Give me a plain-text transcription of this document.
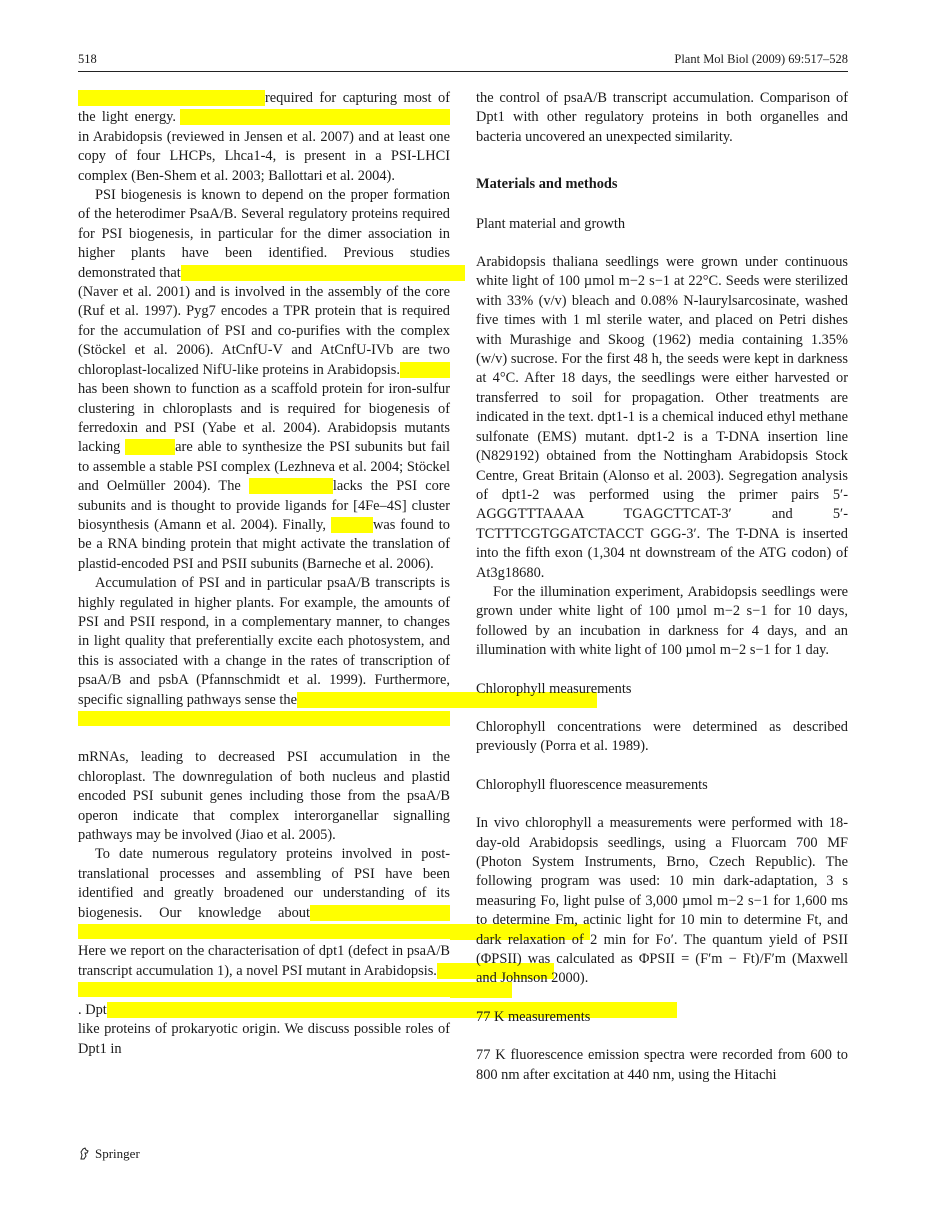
518	Plant Mol Biol (2009) 69:517–528

required for capturing most of the light energy. in Arabidopsis (reviewed in Jensen et al. 2007) and at least one copy of four LHCPs, Lhca1-4, is present in a PSI-LHCI complex (Ben-Shem et al. 2003; Ballottari et al. 2004).

PSI biogenesis is known to depend on the proper formation of the heterodimer PsaA/B. Several regulatory proteins required for PSI biogenesis, in particular for the dimer association in higher plants have been identified. Previous studies demonstrated that (Naver et al. 2001) and is involved in the assembly of the core (Ruf et al. 1997). Pyg7 encodes a TPR protein that is required for the accumulation of PSI and co-purifies with the complex (Stöckel et al. 2006). AtCnfU-V and AtCnfU-IVb are two chloroplast-localized NifU-like proteins in Arabidopsis. has been shown to function as a scaffold protein for iron-sulfur clustering in chloroplasts and is required for biogenesis of ferredoxin and PSI (Yabe et al. 2004). Arabidopsis mutants lacking	are able to synthesize the PSI subunits but fail to assemble a stable PSI complex (Lezhneva et al. 2004; Stöckel and Oelmüller 2004). The	lacks the PSI core subunits and is thought to provide ligands for [4Fe–4S] cluster biosynthesis (Amann et al. 2004). Finally,	was found to be a RNA binding protein that might activate the translation of plastid-encoded PSI and PSII subunits (Barneche et al. 2006).

Accumulation of PSI and in particular psaA/B transcripts is highly regulated in higher plants. For example, the amounts of PSI and PSII respond, in a complementary manner, to changes in light quality that preferentially excite each photosystem, and this is associated with a change in the rates of transcription of psaA/B and psbA (Pfannschmidt et al. 1999). Furthermore, specific signalling pathways sense the

mRNAs, leading to decreased PSI accumulation in the chloroplast. The downregulation of both nucleus and plastid encoded PSI subunit genes including those from the psaA/B operon indicate that complex interorganellar signalling pathways may be involved (Jiao et al. 2005).

To date numerous regulatory proteins involved in post-translational processes and assembling of PSI have been identified and greatly broadened our understanding of its biogenesis. Our knowledge about  Here we report on the characterisation of dpt1 (defect in psaA/B transcript accumulation 1), a novel PSI mutant in Arabidopsis.  . Dpt like proteins of prokaryotic origin. We discuss possible roles of Dpt1 in

the control of psaA/B transcript accumulation. Comparison of Dpt1 with other regulatory proteins in both organelles and bacteria uncovered an unexpected similarity.

Materials and methods
Plant material and growth

Arabidopsis thaliana seedlings were grown under continuous white light of 100 µmol m−2 s−1 at 22°C. Seeds were sterilized with 33% (v/v) bleach and 0.08% N-laurylsarcosinate, washed five times with 1 ml sterile water, and placed on Petri dishes with Murashige and Skoog (1962) media containing 1.35% (w/v) sucrose. For the first 48 h, the seeds were kept in darkness at 4°C. After 18 days, the seedlings were either harvested or transferred to soil for propagation. Other treatments are indicated in the text. dpt1-1 is a chemical induced ethyl methane sulfonate (EMS) mutant. dpt1-2 is a T-DNA insertion line (N829192) obtained from the Nottingham Arabidopsis Stock Centre, Great Britain (Alonso et al. 2003). Segregation analysis of dpt1-2 was performed using the primer pairs 5′-AGGGTTTAAAA TGAGCTTCAT-3′ and 5′-TCTTTCGTGGATCTACCT GGG-3′. The T-DNA is inserted into the fifth exon (1,304 nt downstream of the ATG codon) of At3g18680.

For the illumination experiment, Arabidopsis seedlings were grown under white light of 100 µmol m−2 s−1 for 10 days, followed by an incubation in darkness for 4 days, and an illumination with white light of 100 µmol m−2 s−1 for 1 day.

Chlorophyll measurements

Chlorophyll concentrations were determined as described previously (Porra et al. 1989).

Chlorophyll fluorescence measurements

In vivo chlorophyll a measurements were performed with 18-day-old Arabidopsis seedlings, using a Fluorcam 700 MF (Photon System Instruments, Brno, Czech Republic). The following program was used: 10 min dark-adaptation, 3 s measuring Fo, light pulse of 3,000 µmol m−2 s−1 for 1,600 ms to determine Fm, actinic light for 10 min to determine Ft, and dark relaxation of 2 min for Fo′. The quantum yield of PSII (ΦPSII) was calculated as ΦPSII = (F′m − Ft)/F′m (Maxwell and Johnson 2000).

77 K measurements

77 K fluorescence emission spectra were recorded from 600 to 800 nm after excitation at 440 nm, using the Hitachi

Springer
